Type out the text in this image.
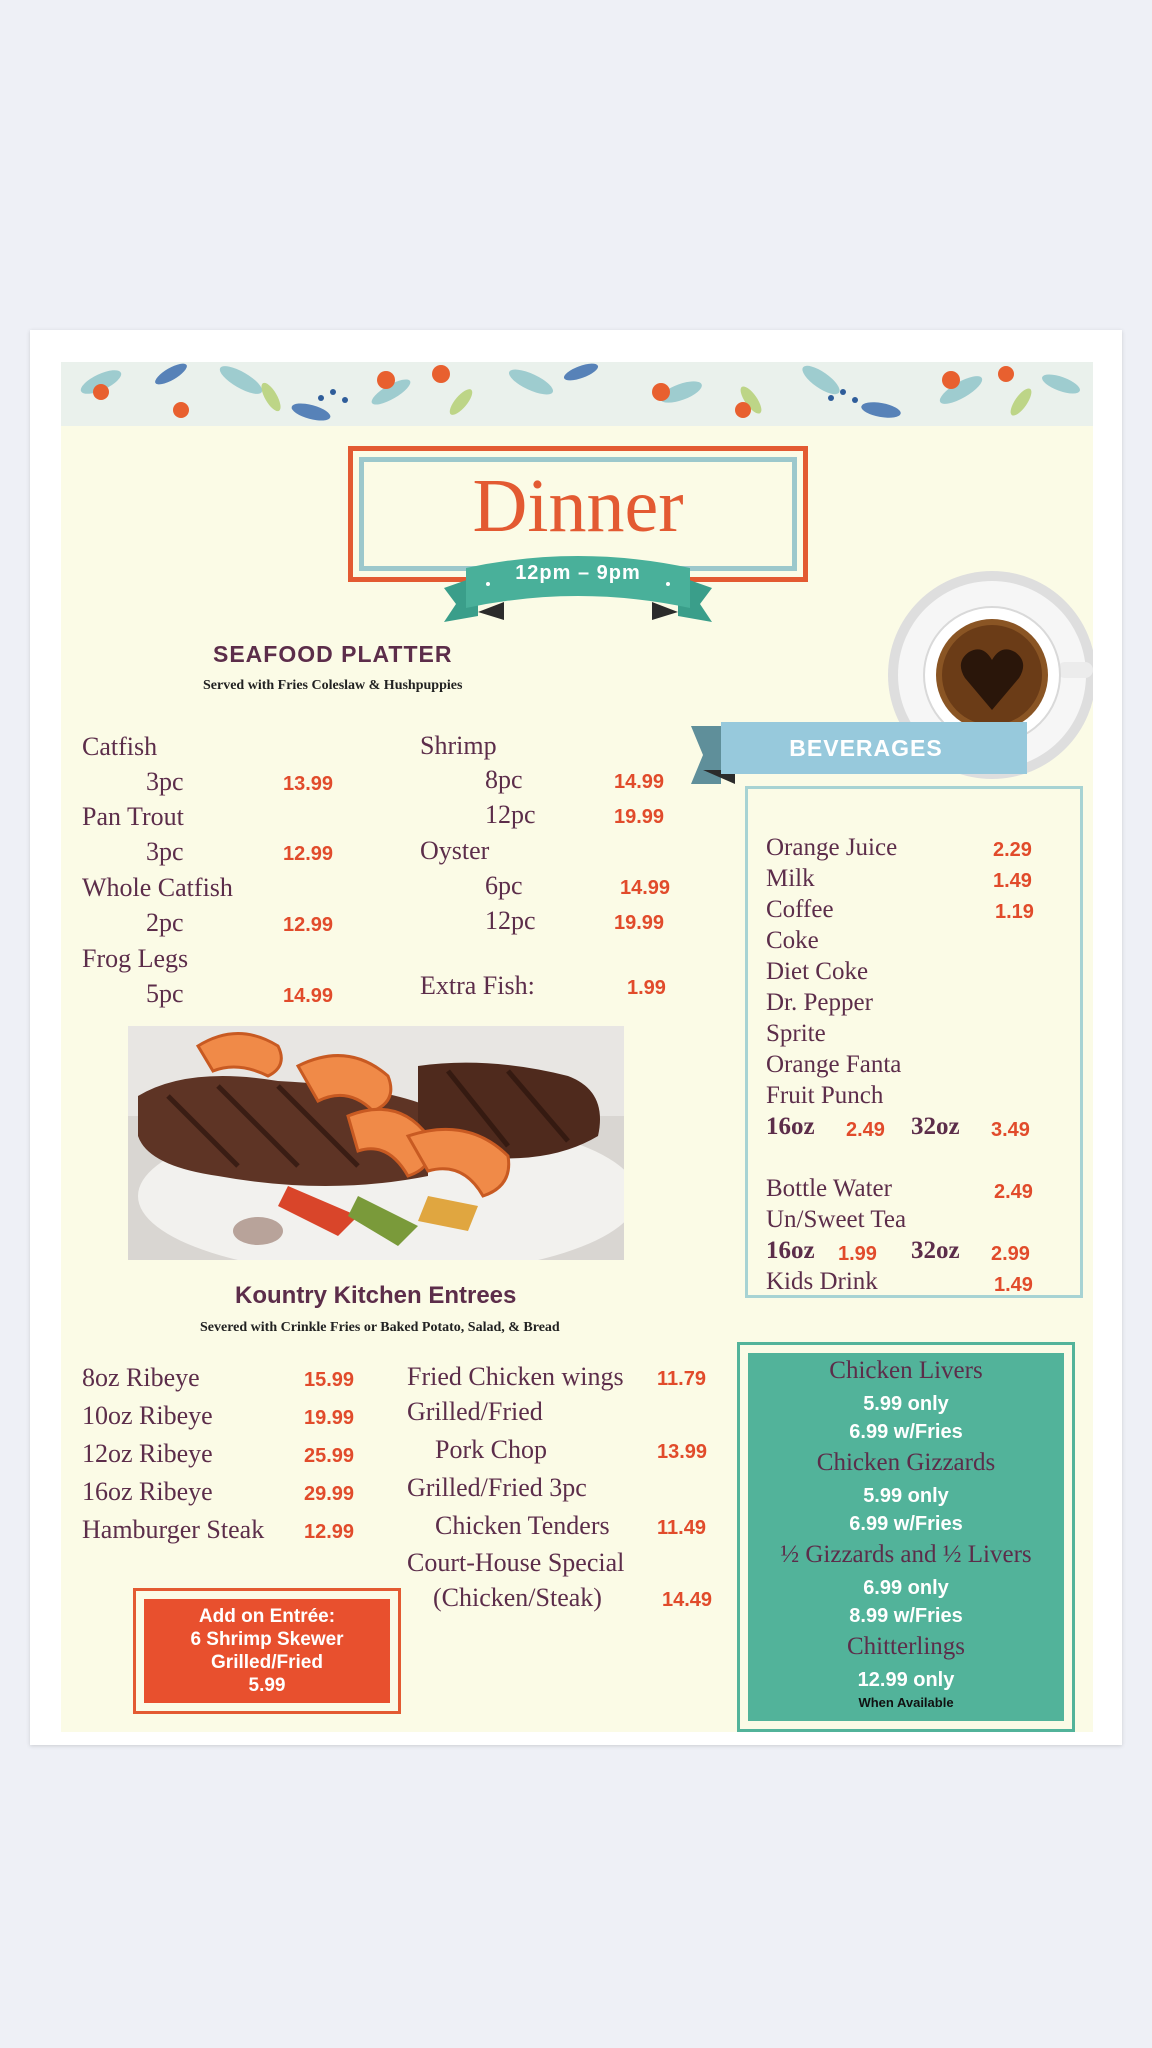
Dinner
12pm – 9pm
SEAFOOD PLATTER
Served with Fries Coleslaw & Hushpuppies
Catfish
3pc	13.99
Pan Trout
3pc	12.99
Whole Catfish
2pc	12.99
Frog Legs
5pc	14.99
Shrimp
8pc	14.99
12pc	19.99
Oyster
6pc	14.99
12pc	19.99
Extra Fish:	1.99
Kountry Kitchen Entrees
Severed with Crinkle Fries or Baked Potato, Salad, & Bread
8oz Ribeye	15.99
10oz Ribeye	19.99
12oz Ribeye	25.99
16oz Ribeye	29.99
Hamburger Steak 12.99
Fried Chicken wings 11.79
Grilled/Fried
Pork Chop	13.99
Grilled/Fried 3pc
Chicken Tenders 11.49
Court-House Special
(Chicken/Steak)	14.49
Add on Entrée:
6 Shrimp Skewer
Grilled/Fried
5.99
BEVERAGES
Orange Juice	2.29
Milk	1.49
Coffee	1.19
Coke
Diet Coke
Dr. Pepper
Sprite
Orange Fanta
Fruit Punch
16oz 2.49 32oz 3.49
Bottle Water	2.49
Un/Sweet Tea
16oz 1.99 32oz 2.99
Kids Drink	1.49
Chicken Livers
5.99 only
6.99 w/Fries
Chicken Gizzards
5.99 only
6.99 w/Fries
½ Gizzards and ½ Livers
6.99 only
8.99 w/Fries
Chitterlings
12.99 only
When Available
